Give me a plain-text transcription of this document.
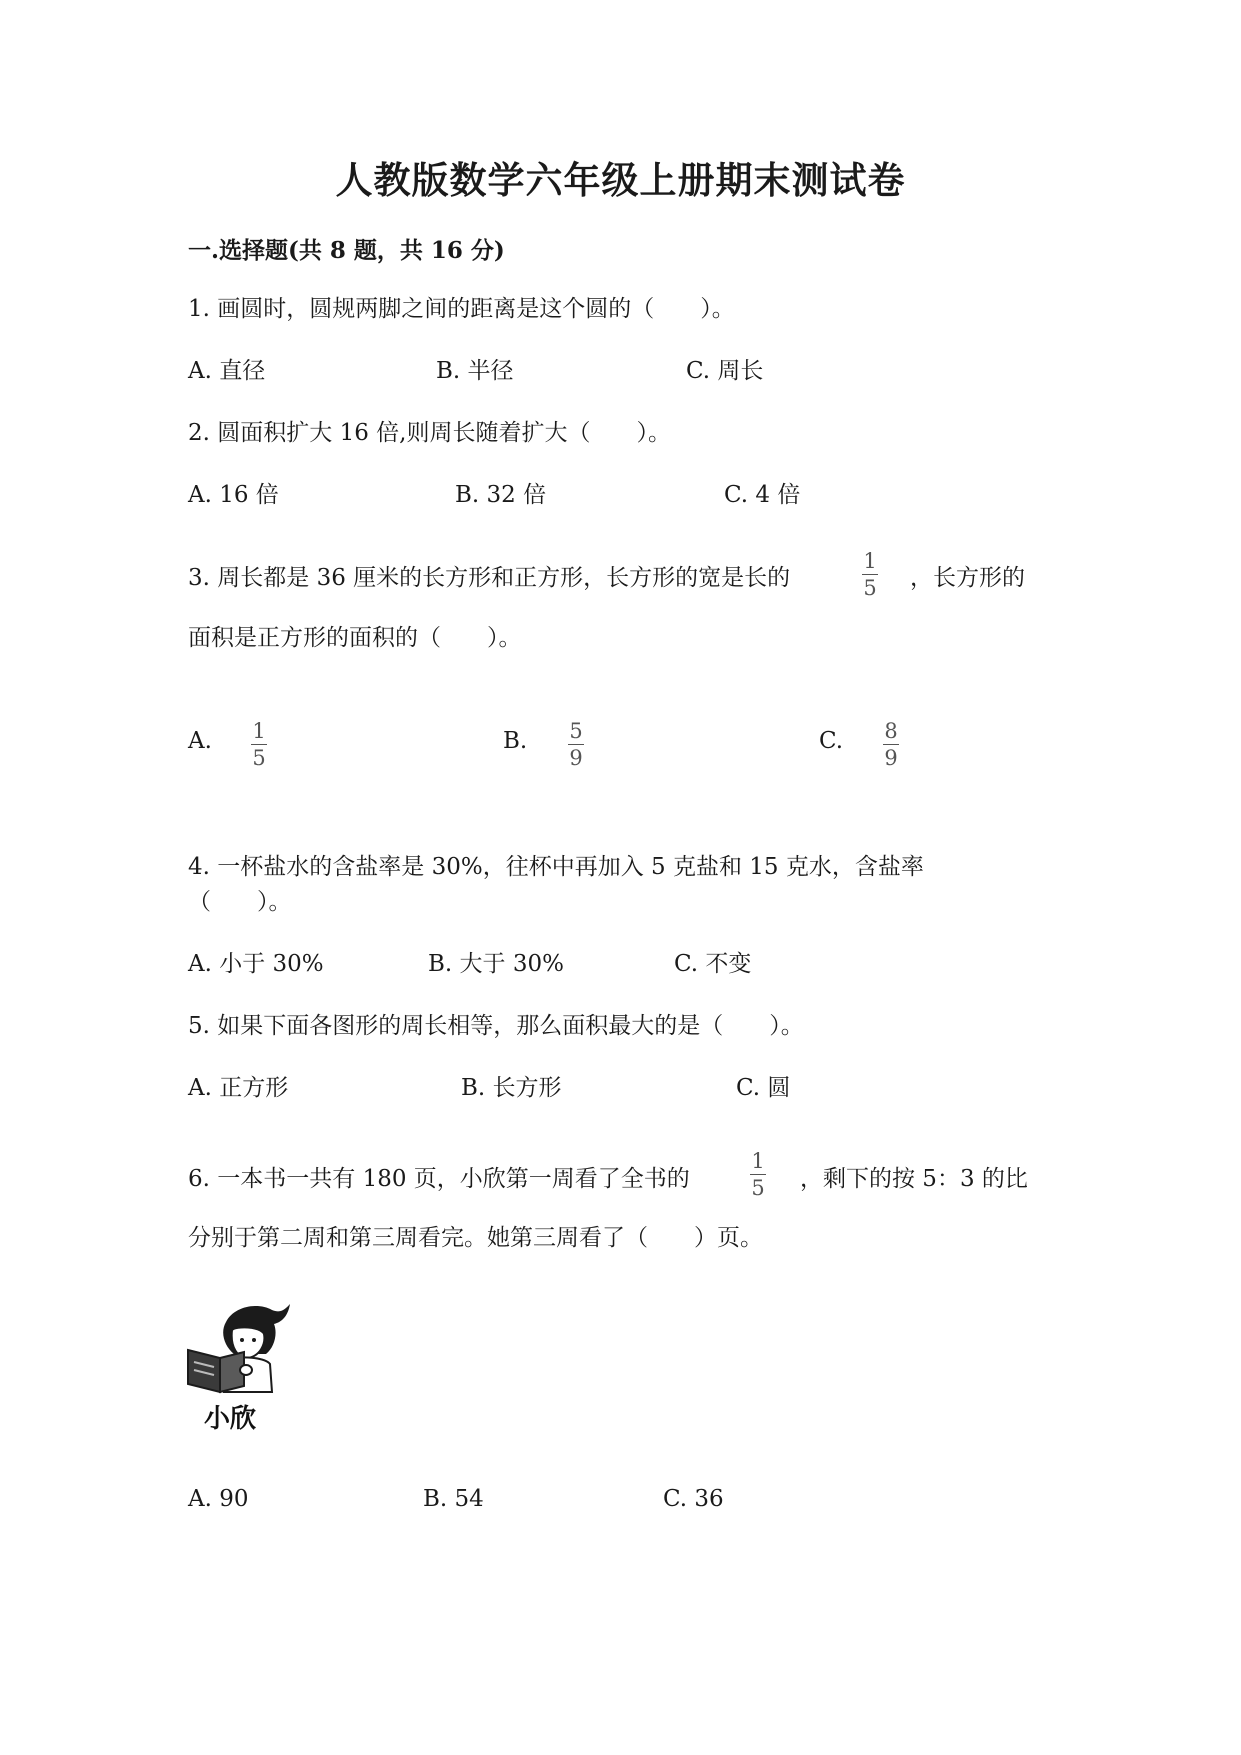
人教版数学六年级上册期末测试卷
一.选择题(共 8 题，共 16 分)
1. 画圆时，圆规两脚之间的距离是这个圆的（　　）。
A. 直径	B. 半径	C. 周长
2. 圆面积扩大 16 倍,则周长随着扩大（　　）。
A. 16 倍	B. 32 倍	C. 4 倍
3. 周长都是 36 厘米的长方形和正方形，长方形的宽是长的
1
5 ，长方形的
面积是正方形的面积的（　　）。
A. 1
5
B. 5
9
C. 8
9
4. 一杯盐水的含盐率是 30%，往杯中再加入 5 克盐和 15 克水，含盐率
（　　）。
A. 小于 30%	B. 大于 30%	C. 不变
5. 如果下面各图形的周长相等，那么面积最大的是（　　）。
A. 正方形	B. 长方形	C. 圆
6. 一本书一共有 180 页，小欣第一周看了全书的
1
5 ，剩下的按 5：3 的比
分别于第二周和第三周看完。她第三周看了（　　）页。
小欣
A. 90	B. 54	C. 36
